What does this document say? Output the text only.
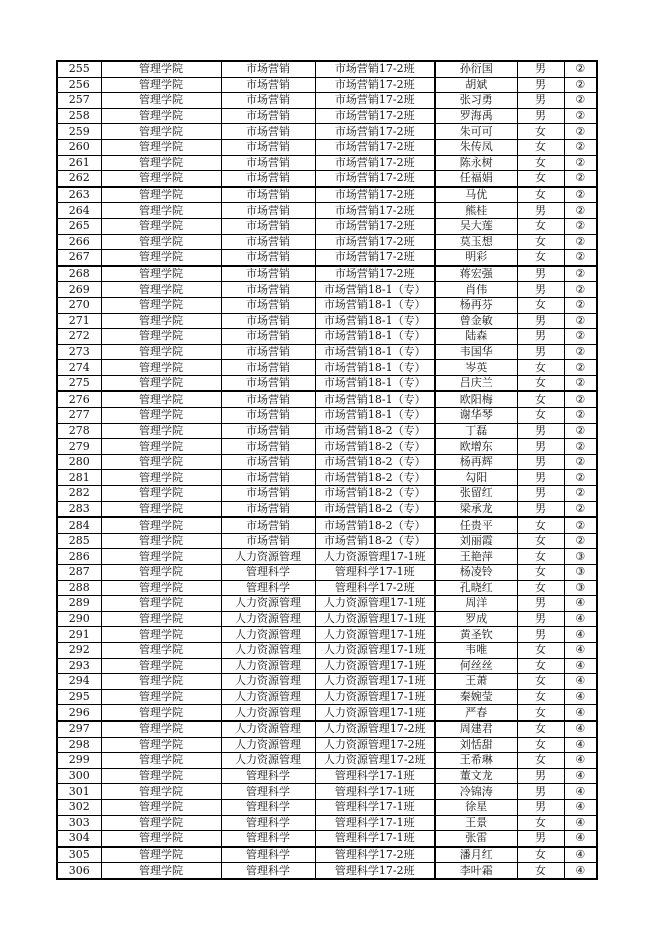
255	管理学院	市场营销	市场营销17-2班	孙衍国	男	②
256	管理学院	市场营销	市场营销17-2班	胡斌	男	②
257	管理学院	市场营销	市场营销17-2班	张习勇	男	②
258	管理学院	市场营销	市场营销17-2班	罗海禹	男	②
259	管理学院	市场营销	市场营销17-2班	朱可可	女	②
260	管理学院	市场营销	市场营销17-2班	朱传凤	女	②
261	管理学院	市场营销	市场营销17-2班	陈永树	女	②
262	管理学院	市场营销	市场营销17-2班	任福娟	女	②
263	管理学院	市场营销	市场营销17-2班	马优	女	②
264	管理学院	市场营销	市场营销17-2班	熊桂	男	②
265	管理学院	市场营销	市场营销17-2班	吴大莲	女	②
266	管理学院	市场营销	市场营销17-2班	莫玉想	女	②
267	管理学院	市场营销	市场营销17-2班	明彩	女	②
268	管理学院	市场营销	市场营销17-2班	蒋宏强	男	②
269	管理学院	市场营销	市场营销18-1（专）	肖伟	男	②
270	管理学院	市场营销	市场营销18-1（专）	杨再芬	女	②
271	管理学院	市场营销	市场营销18-1（专）	曾金敏	男	②
272	管理学院	市场营销	市场营销18-1（专）	陆森	男	②
273	管理学院	市场营销	市场营销18-1（专）	韦国华	男	②
274	管理学院	市场营销	市场营销18-1（专）	岑英	女	②
275	管理学院	市场营销	市场营销18-1（专）	吕庆兰	女	②
276	管理学院	市场营销	市场营销18-1（专）	欧阳梅	女	②
277	管理学院	市场营销	市场营销18-1（专）	谢华琴	女	②
278	管理学院	市场营销	市场营销18-2（专）	丁磊	男	②
279	管理学院	市场营销	市场营销18-2（专）	欧增东	男	②
280	管理学院	市场营销	市场营销18-2（专）	杨再辉	男	②
281	管理学院	市场营销	市场营销18-2（专）	勾阳	男	②
282	管理学院	市场营销	市场营销18-2（专）	张留红	男	②
283	管理学院	市场营销	市场营销18-2（专）	梁承龙	男	②
284	管理学院	市场营销	市场营销18-2（专）	任贵平	女	②
285	管理学院	市场营销	市场营销18-2（专）	刘丽霞	女	②
286	管理学院	人力资源管理	人力资源管理17-1班	王艳萍	女	③
287	管理学院	管理科学	管理科学17-1班	杨凌铃	女	③
288	管理学院	管理科学	管理科学17-2班	孔晓红	女	③
289	管理学院	人力资源管理	人力资源管理17-1班	周洋	男	④
290	管理学院	人力资源管理	人力资源管理17-1班	罗成	男	④
291	管理学院	人力资源管理	人力资源管理17-1班	黄圣钦	男	④
292	管理学院	人力资源管理	人力资源管理17-1班	韦唯	女	④
293	管理学院	人力资源管理	人力资源管理17-1班	何丝丝	女	④
294	管理学院	人力资源管理	人力资源管理17-1班	王萧	女	④
295	管理学院	人力资源管理	人力资源管理17-1班	秦婉莹	女	④
296	管理学院	人力资源管理	人力资源管理17-1班	严春	女	④
297	管理学院	人力资源管理	人力资源管理17-2班	周建君	女	④
298	管理学院	人力资源管理	人力资源管理17-2班	刘恬甜	女	④
299	管理学院	人力资源管理	人力资源管理17-2班	王希琳	女	④
300	管理学院	管理科学	管理科学17-1班	董文龙	男	④
301	管理学院	管理科学	管理科学17-1班	冷锦涛	男	④
302	管理学院	管理科学	管理科学17-1班	徐星	男	④
303	管理学院	管理科学	管理科学17-1班	王景	女	④
304	管理学院	管理科学	管理科学17-1班	张雷	男	④
305	管理学院	管理科学	管理科学17-2班	潘月红	女	④
306	管理学院	管理科学	管理科学17-2班	李叶霜	女	④
